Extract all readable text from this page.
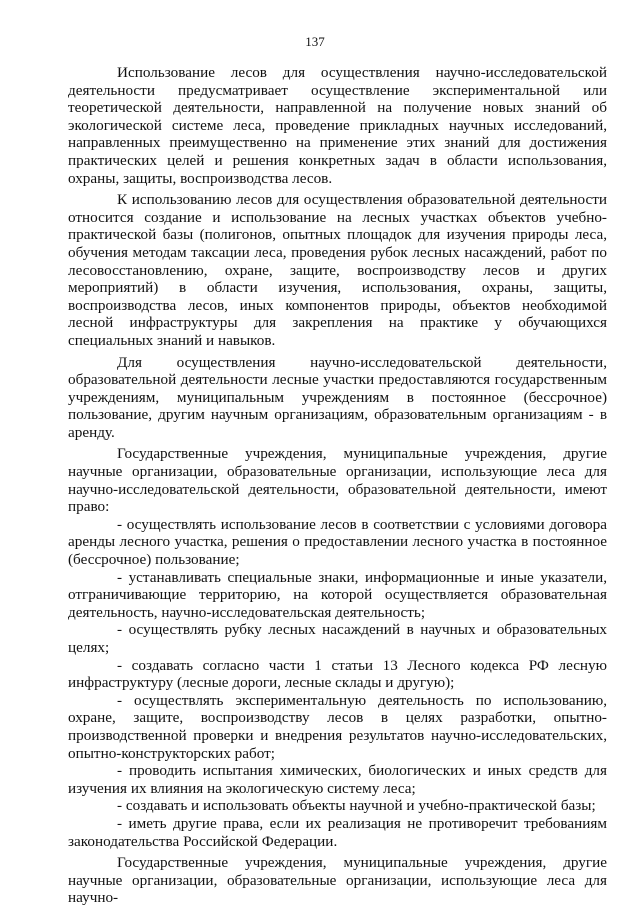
137

Использование лесов для осуществления научно-исследовательской деятельности предусматривает осуществление экспериментальной или теоретической деятельности, направленной на получение новых знаний об экологической системе леса, проведение прикладных научных исследований, направленных преимущественно на применение этих знаний для достижения практических целей и решения конкретных задач в области использования, охраны, защиты, воспроизводства лесов.

К использованию лесов для осуществления образовательной деятельности относится создание и использование на лесных участках объектов учебно-практической базы (полигонов, опытных площадок для изучения природы леса, обучения методам таксации леса, проведения рубок лесных насаждений, работ по лесовосстановлению, охране, защите, воспроизводству лесов и других мероприятий) в области изучения, использования, охраны, защиты, воспроизводства лесов, иных компонентов природы, объектов необходимой лесной инфраструктуры для закрепления на практике у обучающихся специальных знаний и навыков.

Для осуществления научно-исследовательской деятельности, образовательной деятельности лесные участки предоставляются государственным учреждениям, муниципальным учреждениям в постоянное (бессрочное) пользование, другим научным организациям, образовательным организациям - в аренду.

Государственные учреждения, муниципальные учреждения, другие научные организации, образовательные организации, использующие леса для научно-исследовательской деятельности, образовательной деятельности, имеют право:

- осуществлять использование лесов в соответствии с условиями договора аренды лесного участка, решения о предоставлении лесного участка в постоянное (бессрочное) пользование;

- устанавливать специальные знаки, информационные и иные указатели, отграничивающие территорию, на которой осуществляется образовательная деятельность, научно-исследовательская деятельность;

- осуществлять рубку лесных насаждений в научных и образовательных целях;

- создавать согласно части 1 статьи 13 Лесного кодекса РФ лесную инфраструктуру (лесные дороги, лесные склады и другую);

- осуществлять экспериментальную деятельность по использованию, охране, защите, воспроизводству лесов в целях разработки, опытно-производственной проверки и внедрения результатов научно-исследовательских, опытно-конструкторских работ;

- проводить испытания химических, биологических и иных средств для изучения их влияния на экологическую систему леса;

- создавать и использовать объекты научной и учебно-практической базы;

- иметь другие права, если их реализация не противоречит требованиям законодательства Российской Федерации.

Государственные учреждения, муниципальные учреждения, другие научные организации, образовательные организации, использующие леса для научно-
